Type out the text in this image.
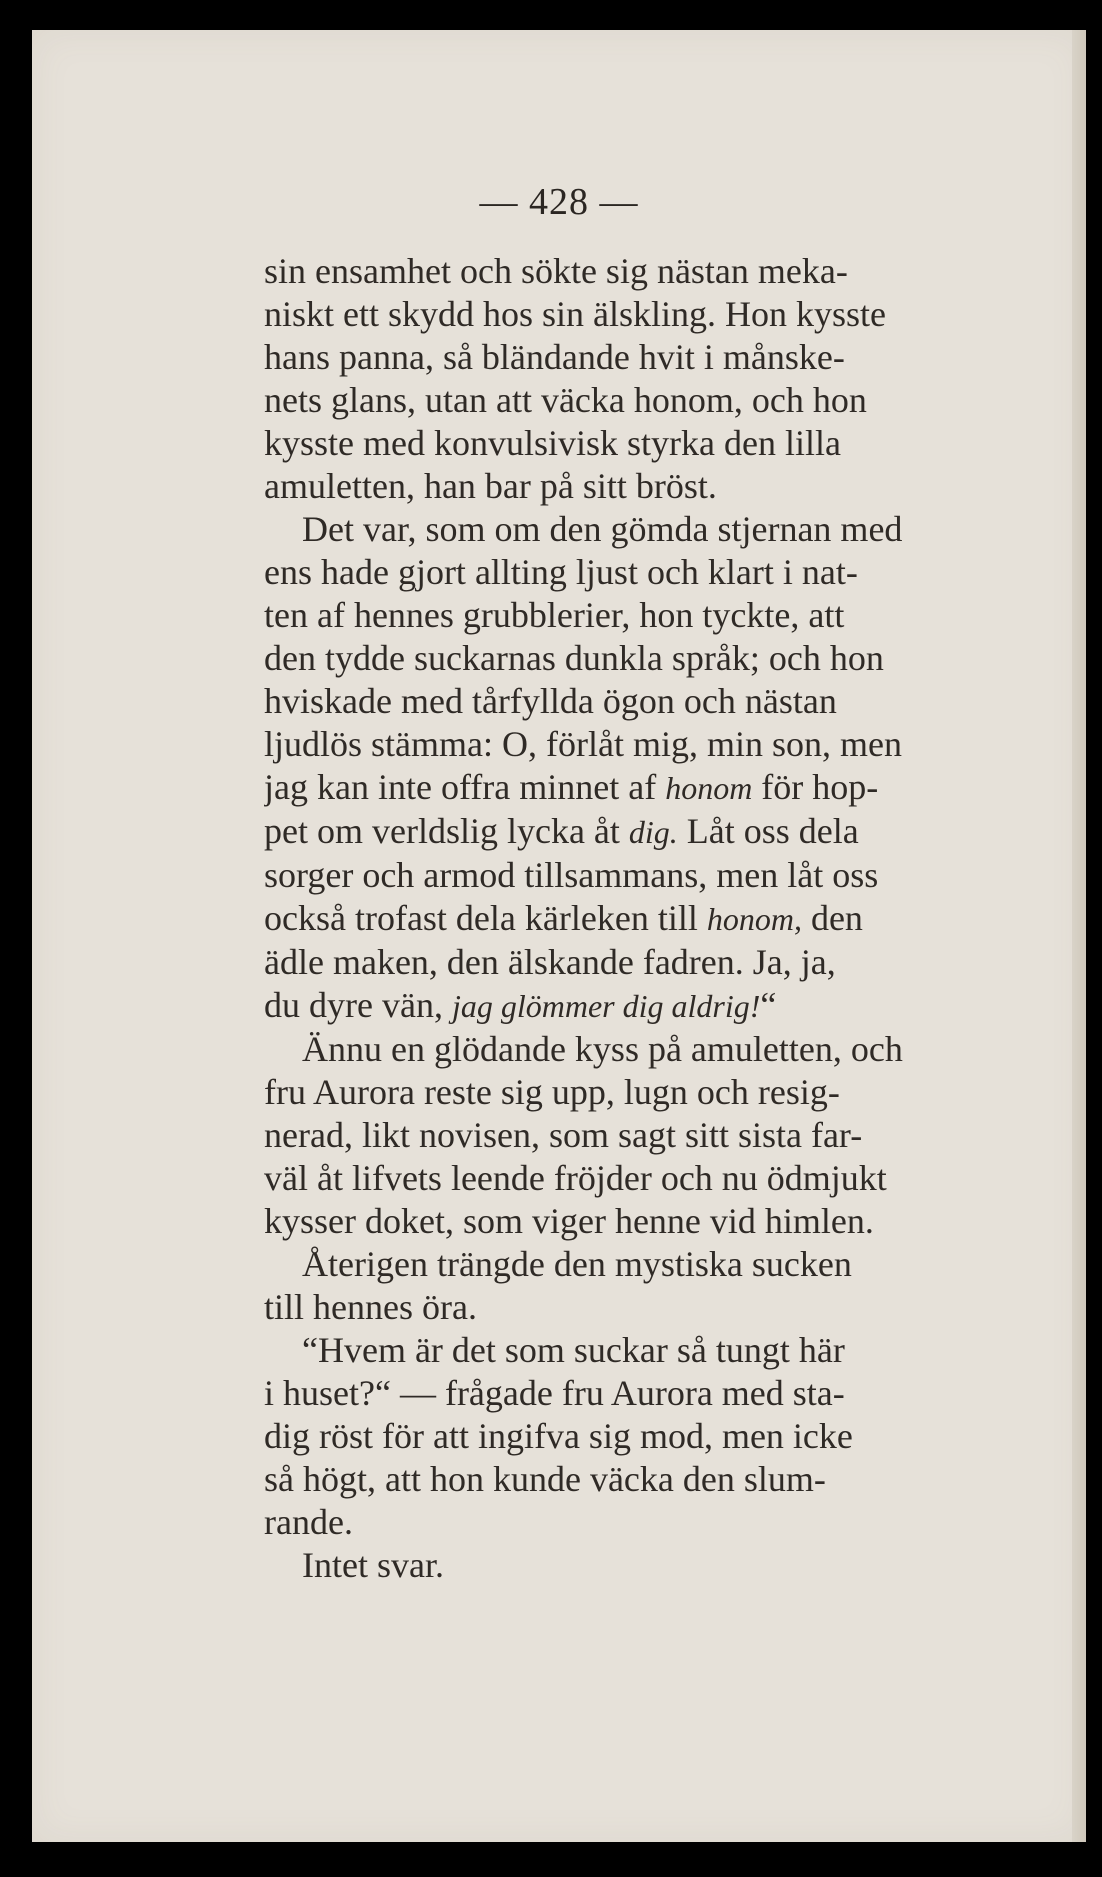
— 428 —
sin ensamhet och sökte sig nästan meka-
niskt ett skydd hos sin älskling. Hon kysste
hans panna, så bländande hvit i månske-
nets glans, utan att väcka honom, och hon
kysste med konvulsivisk styrka den lilla
amuletten, han bar på sitt bröst.
Det var, som om den gömda stjernan med
ens hade gjort allting ljust och klart i nat-
ten af hennes grubblerier, hon tyckte, att
den tydde suckarnas dunkla språk; och hon
hviskade med tårfyllda ögon och nästan
ljudlös stämma: O, förlåt mig, min son, men
jag kan inte offra minnet af honom för hop-
pet om verldslig lycka åt dig. Låt oss dela
sorger och armod tillsammans, men låt oss
också trofast dela kärleken till honom, den
ädle maken, den älskande fadren. Ja, ja,
du dyre vän, jag glömmer dig aldrig!“
Ännu en glödande kyss på amuletten, och
fru Aurora reste sig upp, lugn och resig-
nerad, likt novisen, som sagt sitt sista far-
väl åt lifvets leende fröjder och nu ödmjukt
kysser doket, som viger henne vid himlen.
Återigen trängde den mystiska sucken
till hennes öra.
“Hvem är det som suckar så tungt här
i huset?“ — frågade fru Aurora med sta-
dig röst för att ingifva sig mod, men icke
så högt, att hon kunde väcka den slum-
rande.
Intet svar.
